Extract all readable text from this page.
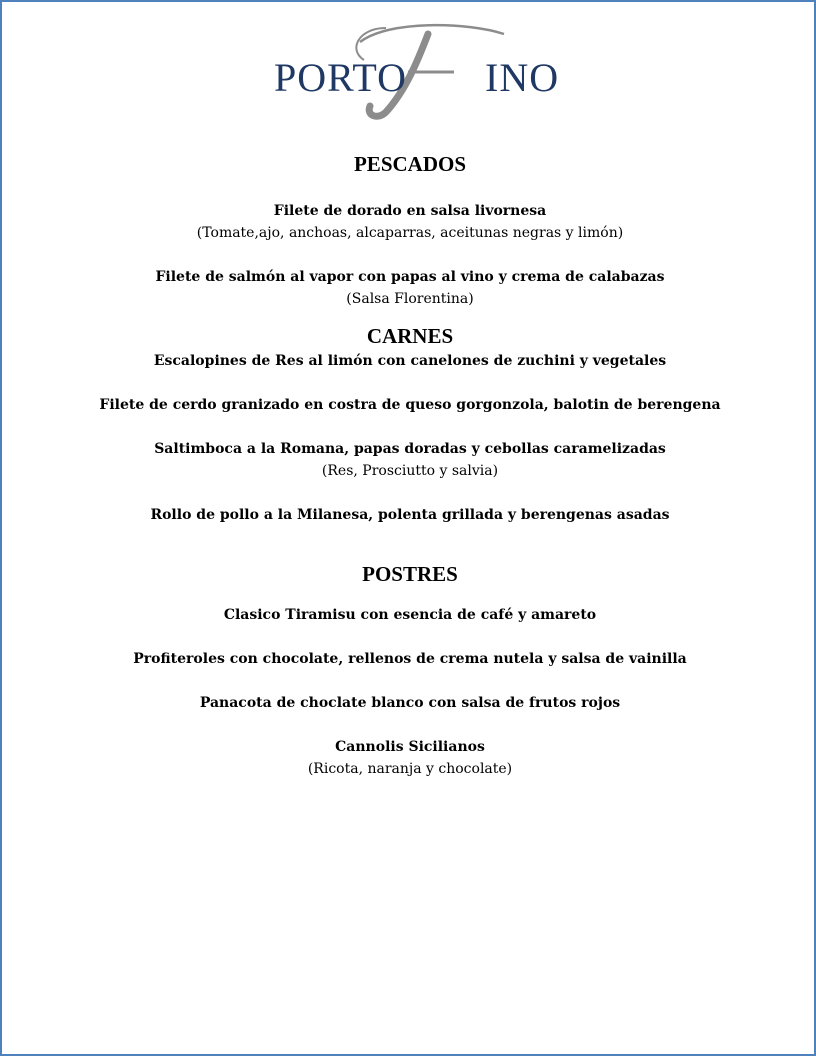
PORTO INO

PESCADOS

Filete de dorado en salsa livornesa

(Tomate,ajo, anchoas, alcaparras, aceitunas negras y limón)

Filete de salmón al vapor con papas al vino y crema de calabazas

(Salsa Florentina)

CARNES

Escalopines de Res al limón con canelones de zuchini y vegetales

Filete de cerdo granizado en costra de queso gorgonzola, balotin de berengena

Saltimboca a la Romana, papas doradas y cebollas caramelizadas

(Res, Prosciutto y salvia)

Rollo de pollo a la Milanesa, polenta grillada y berengenas asadas

POSTRES

Clasico Tiramisu con esencia de café y amareto

Profiteroles con chocolate, rellenos de crema nutela y salsa de vainilla

Panacota de choclate blanco con salsa de frutos rojos

Cannolis Sicilianos

(Ricota, naranja y chocolate)
